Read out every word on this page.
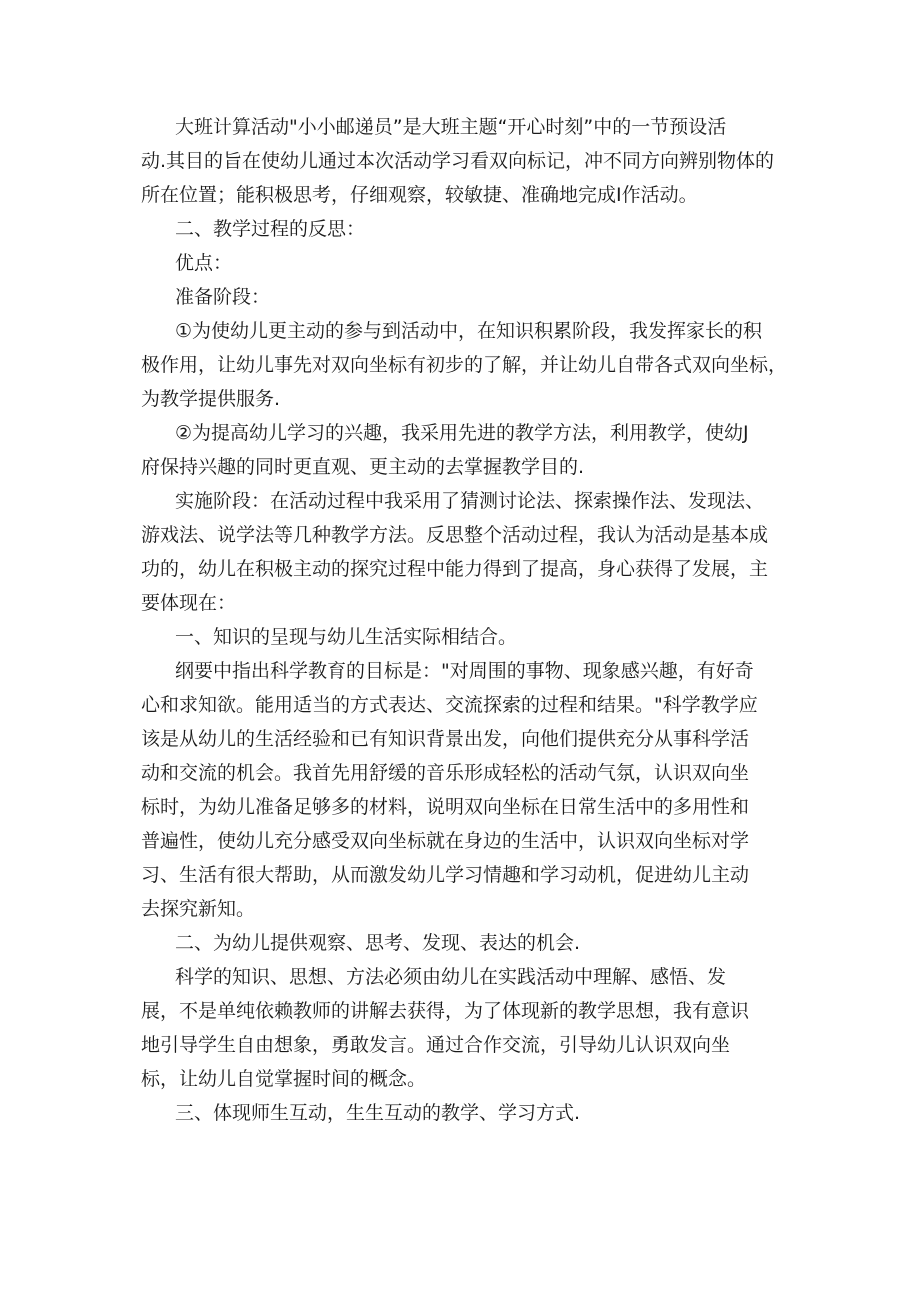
大班计算活动"小小邮递员”是大班主题“开心时刻”中的一节预设活
动.其目的旨在使幼儿通过本次活动学习看双向标记，冲不同方向辨别物体的
所在位置；能积极思考，仔细观察，较敏捷、准确地完成I作活动。
二、教学过程的反思：
优点：
准备阶段：
①为使幼儿更主动的参与到活动中，在知识积累阶段，我发挥家长的积
极作用，让幼儿事先对双向坐标有初步的了解，并让幼儿自带各式双向坐标，
为教学提供服务.
②为提高幼儿学习的兴趣，我采用先进的教学方法，利用教学，使幼J
府保持兴趣的同时更直观、更主动的去掌握教学目的.
实施阶段：在活动过程中我采用了猜测讨论法、探索操作法、发现法、
游戏法、说学法等几种教学方法。反思整个活动过程，我认为活动是基本成
功的，幼儿在积极主动的探究过程中能力得到了提高，身心获得了发展，主
要体现在：
一、知识的呈现与幼儿生活实际相结合。
纲要中指出科学教育的目标是："对周围的事物、现象感兴趣，有好奇
心和求知欲。能用适当的方式表达、交流探索的过程和结果。"科学教学应
该是从幼儿的生活经验和已有知识背景出发，向他们提供充分从事科学活
动和交流的机会。我首先用舒缓的音乐形成轻松的活动气氛，认识双向坐
标时，为幼儿准备足够多的材料，说明双向坐标在日常生活中的多用性和
普遍性，使幼儿充分感受双向坐标就在身边的生活中，认识双向坐标对学
习、生活有很大帮助，从而激发幼儿学习情趣和学习动机，促进幼儿主动
去探究新知。
二、为幼儿提供观察、思考、发现、表达的机会.
科学的知识、思想、方法必须由幼儿在实践活动中理解、感悟、发
展，不是单纯依赖教师的讲解去获得，为了体现新的教学思想，我有意识
地引导学生自由想象，勇敢发言。通过合作交流，引导幼儿认识双向坐
标，让幼儿自觉掌握时间的概念。
三、体现师生互动，生生互动的教学、学习方式.
